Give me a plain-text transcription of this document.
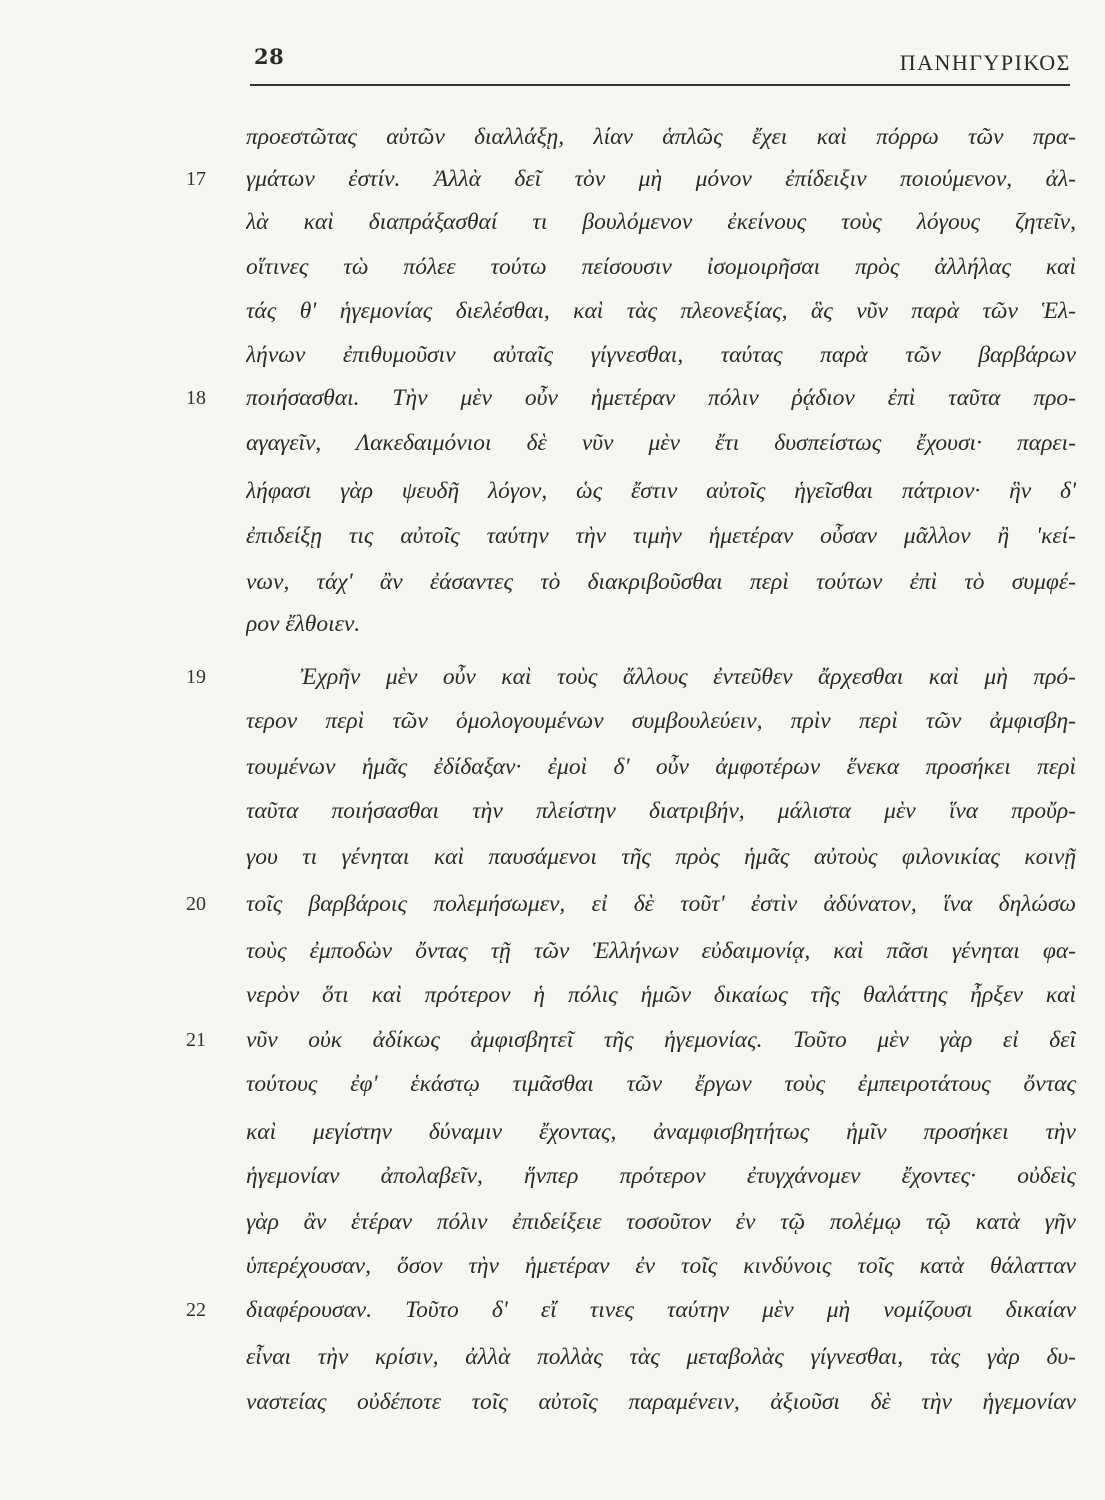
28	ΠΑΝΗΓΥΡΙΚΟΣ
17
18
19
20
21
22
προεστῶτας αὐτῶν διαλλάξῃ, λίαν ἁπλῶς ἔχει καὶ πόρρω τῶν πρα-
γμάτων ἐστίν. Ἀλλὰ δεῖ τὸν μὴ μόνον ἐπίδειξιν ποιούμενον, ἀλ-
λὰ καὶ διαπράξασθαί τι βουλόμενον ἐκείνους τοὺς λόγους ζητεῖν,
οἵτινες τὼ πόλεε τούτω πείσουσιν ἰσομοιρῆσαι πρὸς ἀλλήλας καὶ
τάς θ' ἡγεμονίας διελέσθαι, καὶ τὰς πλεονεξίας, ἃς νῦν παρὰ τῶν Ἑλ-
λήνων ἐπιθυμοῦσιν αὐταῖς γίγνεσθαι, ταύτας παρὰ τῶν βαρβάρων
ποιήσασθαι. Τὴν μὲν οὖν ἡμετέραν πόλιν ῥᾴδιον ἐπὶ ταῦτα προ-
αγαγεῖν, Λακεδαιμόνιοι δὲ νῦν μὲν ἔτι δυσπείστως ἔχουσι· παρει-
λήφασι γὰρ ψευδῆ λόγον, ὡς ἔστιν αὐτοῖς ἡγεῖσθαι πάτριον· ἣν δ'
ἐπιδείξῃ τις αὐτοῖς ταύτην τὴν τιμὴν ἡμετέραν οὖσαν μᾶλλον ἢ 'κεί-
νων, τάχ' ἂν ἐάσαντες τὸ διακριβοῦσθαι περὶ τούτων ἐπὶ τὸ συμφέ-
ρον ἔλθοιεν.
Ἐχρῆν μὲν οὖν καὶ τοὺς ἄλλους ἐντεῦθεν ἄρχεσθαι καὶ μὴ πρό-
τερον περὶ τῶν ὁμολογουμένων συμβουλεύειν, πρὶν περὶ τῶν ἀμφισβη-
τουμένων ἡμᾶς ἐδίδαξαν· ἐμοὶ δ' οὖν ἀμφοτέρων ἕνεκα προσήκει περὶ
ταῦτα ποιήσασθαι τὴν πλείστην διατριβήν, μάλιστα μὲν ἵνα προὔρ-
γου τι γένηται καὶ παυσάμενοι τῆς πρὸς ἡμᾶς αὐτοὺς φιλονικίας κοινῇ
τοῖς βαρβάροις πολεμήσωμεν, εἰ δὲ τοῦτ' ἐστὶν ἀδύνατον, ἵνα δηλώσω
τοὺς ἐμποδὼν ὄντας τῇ τῶν Ἑλλήνων εὐδαιμονίᾳ, καὶ πᾶσι γένηται φα-
νερὸν ὅτι καὶ πρότερον ἡ πόλις ἡμῶν δικαίως τῆς θαλάττης ἦρξεν καὶ
νῦν οὐκ ἀδίκως ἀμφισβητεῖ τῆς ἡγεμονίας. Τοῦτο μὲν γὰρ εἰ δεῖ
τούτους ἐφ' ἑκάστῳ τιμᾶσθαι τῶν ἔργων τοὺς ἐμπειροτάτους ὄντας
καὶ μεγίστην δύναμιν ἔχοντας, ἀναμφισβητήτως ἡμῖν προσήκει τὴν
ἡγεμονίαν ἀπολαβεῖν, ἥνπερ πρότερον ἐτυγχάνομεν ἔχοντες· οὐδεὶς
γὰρ ἂν ἑτέραν πόλιν ἐπιδείξειε τοσοῦτον ἐν τῷ πολέμῳ τῷ κατὰ γῆν
ὑπερέχουσαν, ὅσον τὴν ἡμετέραν ἐν τοῖς κινδύνοις τοῖς κατὰ θάλατταν
διαφέρουσαν. Τοῦτο δ' εἴ τινες ταύτην μὲν μὴ νομίζουσι δικαίαν
εἶναι τὴν κρίσιν, ἀλλὰ πολλὰς τὰς μεταβολὰς γίγνεσθαι, τὰς γὰρ δυ-
ναστείας οὐδέποτε τοῖς αὐτοῖς παραμένειν, ἀξιοῦσι δὲ τὴν ἡγεμονίαν
